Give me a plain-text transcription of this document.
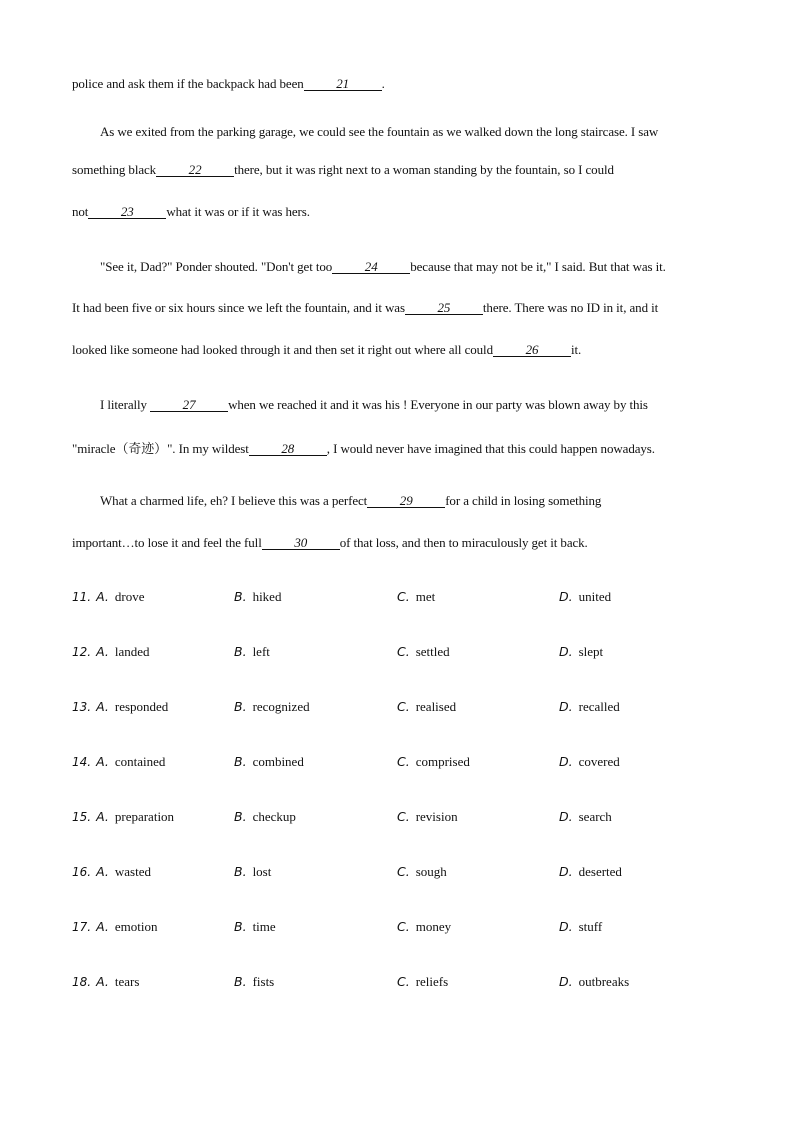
police and ask them if the backpack had been	21	.
As we exited from the parking garage, we could see the fountain as we walked down the long staircase. I saw
something black	22	there, but it was right next to a woman standing by the fountain, so I could
not	23	what it was or if it was hers.
"See it, Dad?" Ponder shouted. "Don't get too	24	because that may not be it," I said. But that was it.
It had been five or six hours since we left the fountain, and it was	25	there. There was no ID in it, and it
looked like someone had looked through it and then set it right out where all could	26	it.
I literally	27	when we reached it and it was his ! Everyone in our party was blown away by this
"miracle（奇迹）". In my wildest	28	, I would never have imagined that this could happen nowadays.
What a charmed life, eh? I believe this was a perfect	29	for a child in losing something
important…to lose it and feel the full	30	of that loss, and then to miraculously get it back.
11. A. drove	B. hiked	C. met	D. united
12. A. landed	B. left	C. settled	D. slept
13. A. responded	B. recognized	C. realised	D. recalled
14. A. contained	B. combined	C. comprised	D. covered
15. A. preparation	B. checkup	C. revision	D. search
16. A. wasted	B. lost	C. sough	D. deserted
17. A. emotion	B. time	C. money	D. stuff
18. A. tears	B. fists	C. reliefs	D. outbreaks
